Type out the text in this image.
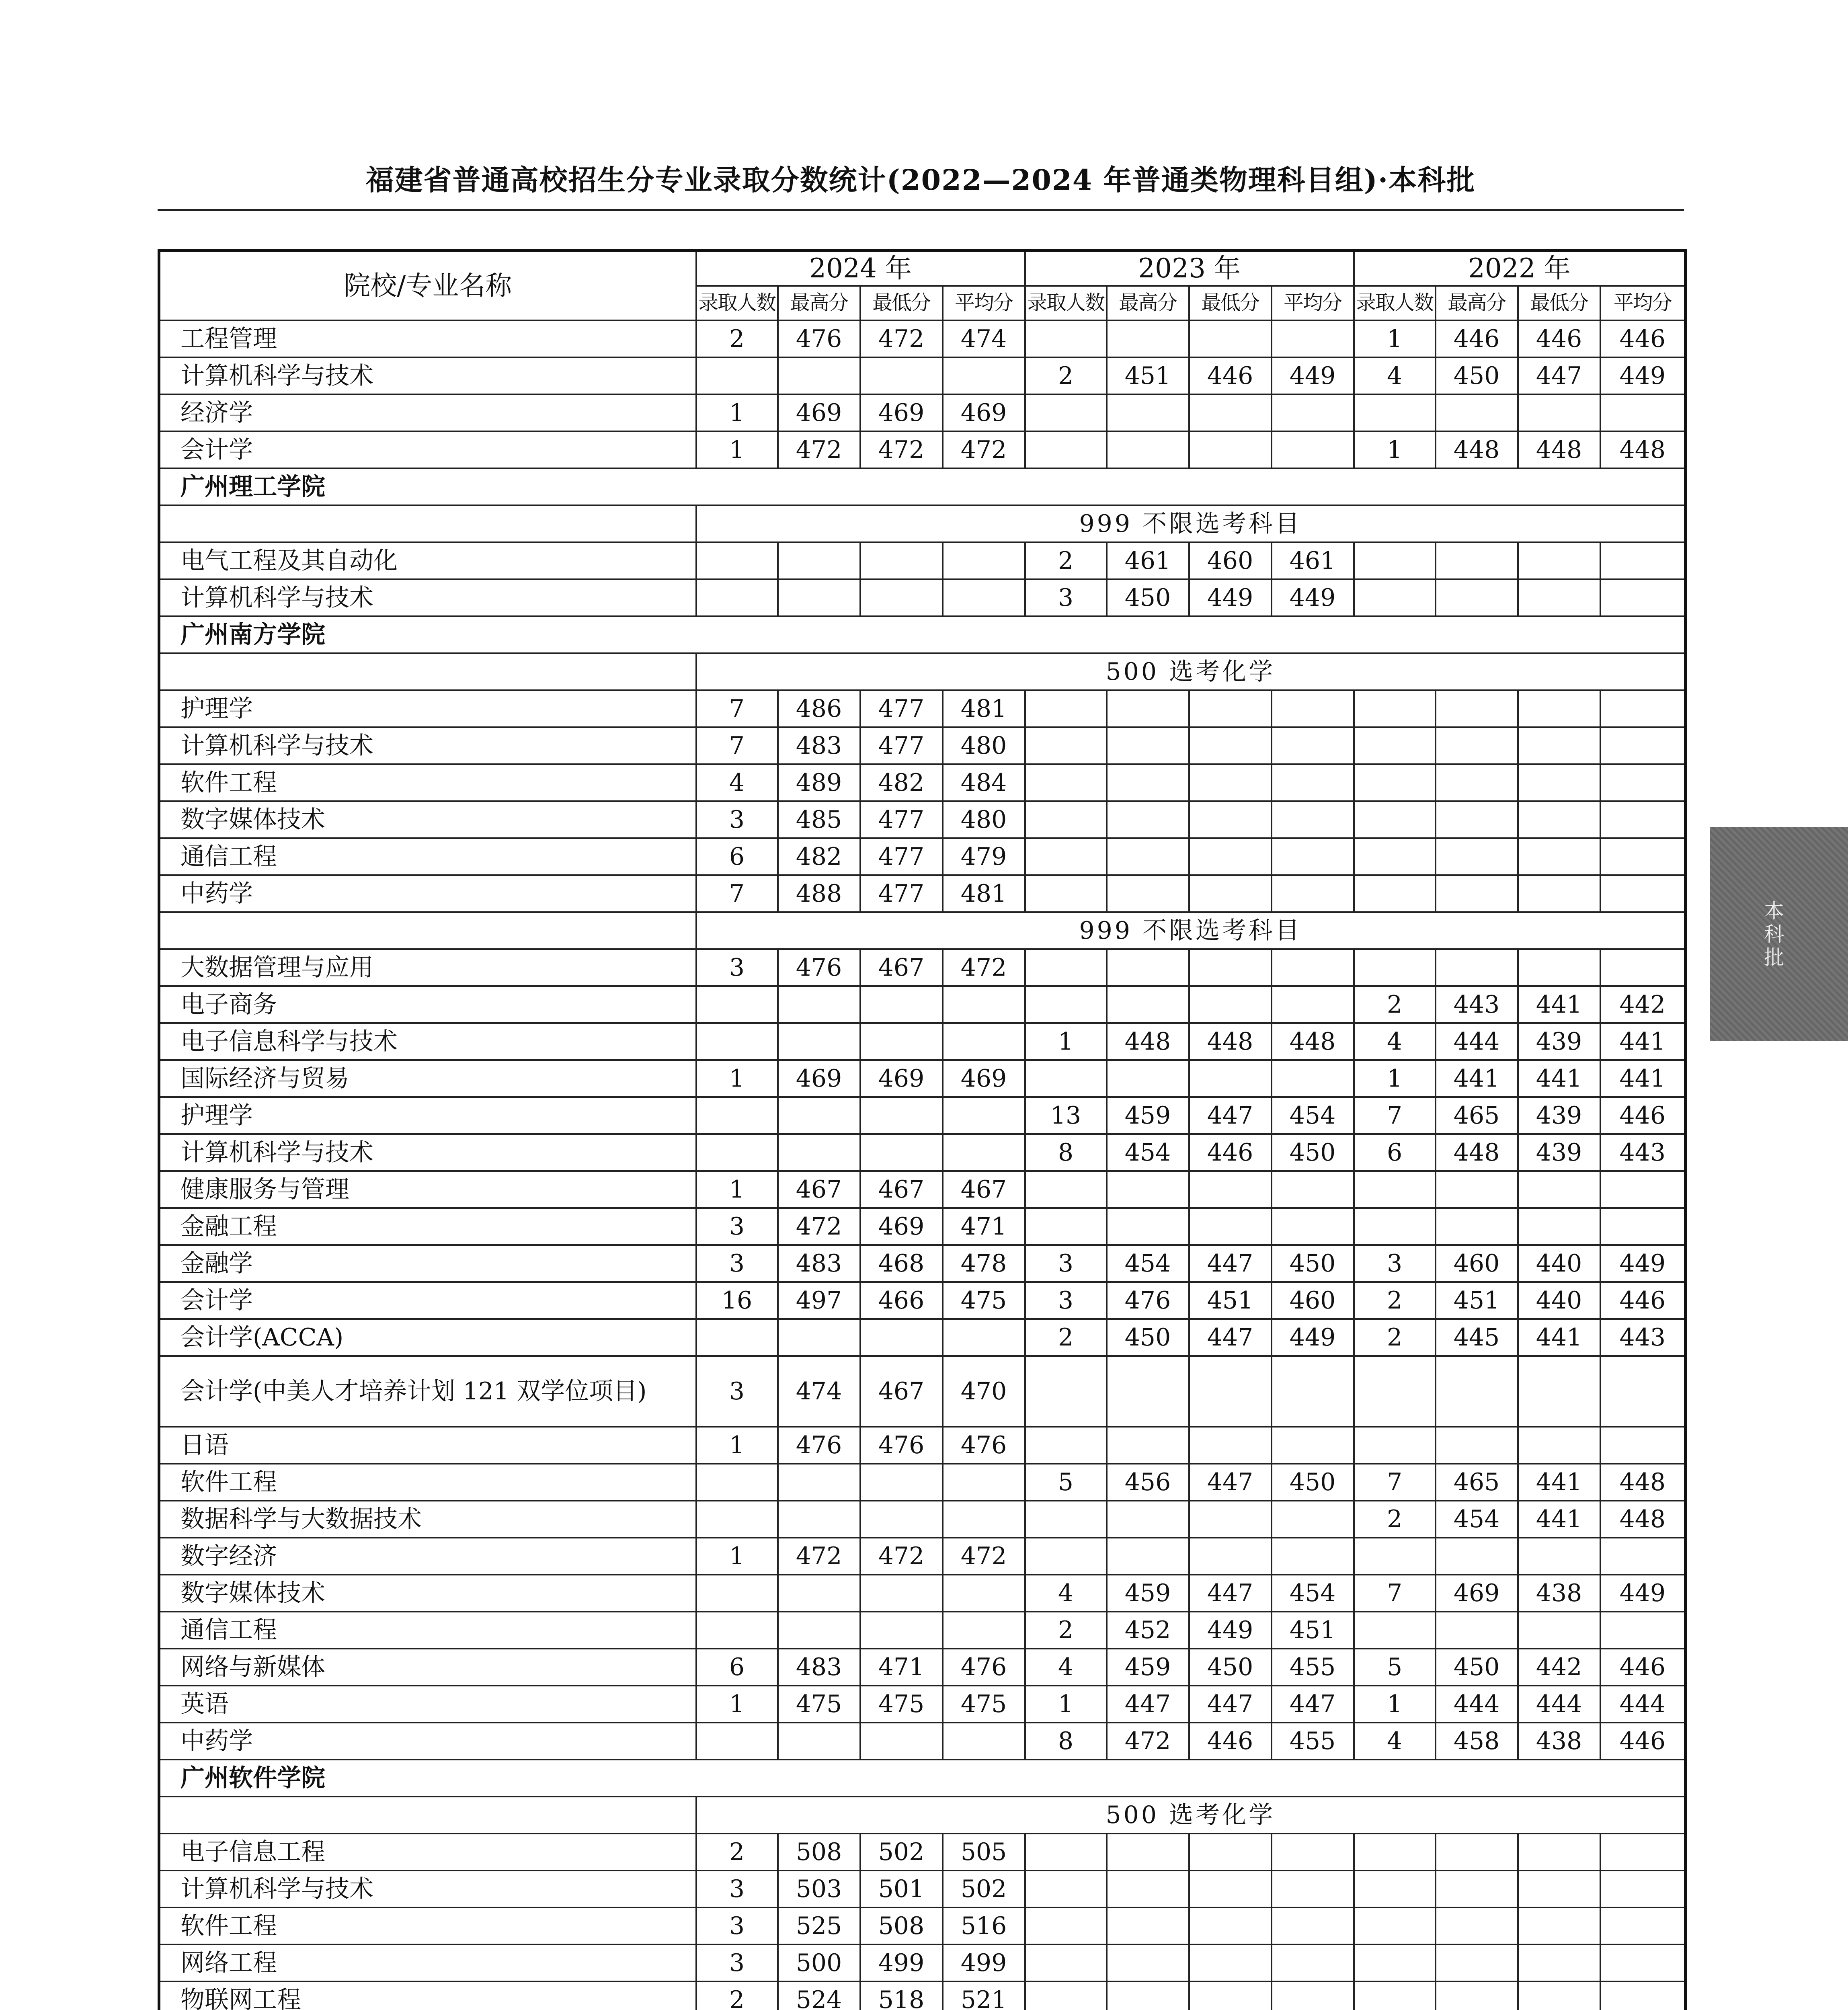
福建省普通高校招生分专业录取分数统计(2022—2024 年普通类物理科目组)·本科批
院校/专业名称	2024 年				2023 年				2022 年			
	录取人数	最高分	最低分	平均分	录取人数	最高分	最低分	平均分	录取人数	最高分	最低分	平均分
工程管理	2	476	472	474					1	446	446	446
计算机科学与技术					2	451	446	449	4	450	447	449
经济学	1	469	469	469								
会计学	1	472	472	472					1	448	448	448
广州理工学院												
	999 不限选考科目											
电气工程及其自动化					2	461	460	461				
计算机科学与技术					3	450	449	449				
广州南方学院												
	500 选考化学											
护理学	7	486	477	481								
计算机科学与技术	7	483	477	480								
软件工程	4	489	482	484								
数字媒体技术	3	485	477	480								
通信工程	6	482	477	479								
中药学	7	488	477	481								
	999 不限选考科目											
大数据管理与应用	3	476	467	472								
电子商务									2	443	441	442
电子信息科学与技术					1	448	448	448	4	444	439	441
国际经济与贸易	1	469	469	469					1	441	441	441
护理学					13	459	447	454	7	465	439	446
计算机科学与技术					8	454	446	450	6	448	439	443
健康服务与管理	1	467	467	467								
金融工程	3	472	469	471								
金融学	3	483	468	478	3	454	447	450	3	460	440	449
会计学	16	497	466	475	3	476	451	460	2	451	440	446
会计学(ACCA)					2	450	447	449	2	445	441	443
会计学(中美人才培养计划 121 双学位项目)	3	474	467	470								
日语	1	476	476	476								
软件工程					5	456	447	450	7	465	441	448
数据科学与大数据技术									2	454	441	448
数字经济	1	472	472	472								
数字媒体技术					4	459	447	454	7	469	438	449
通信工程					2	452	449	451				
网络与新媒体	6	483	471	476	4	459	450	455	5	450	442	446
英语	1	475	475	475	1	447	447	447	1	444	444	444
中药学					8	472	446	455	4	458	438	446
广州软件学院												
	500 选考化学											
电子信息工程	2	508	502	505								
计算机科学与技术	3	503	501	502								
软件工程	3	525	508	516								
网络工程	3	500	499	499								
物联网工程	2	524	518	521								

本
科
批
